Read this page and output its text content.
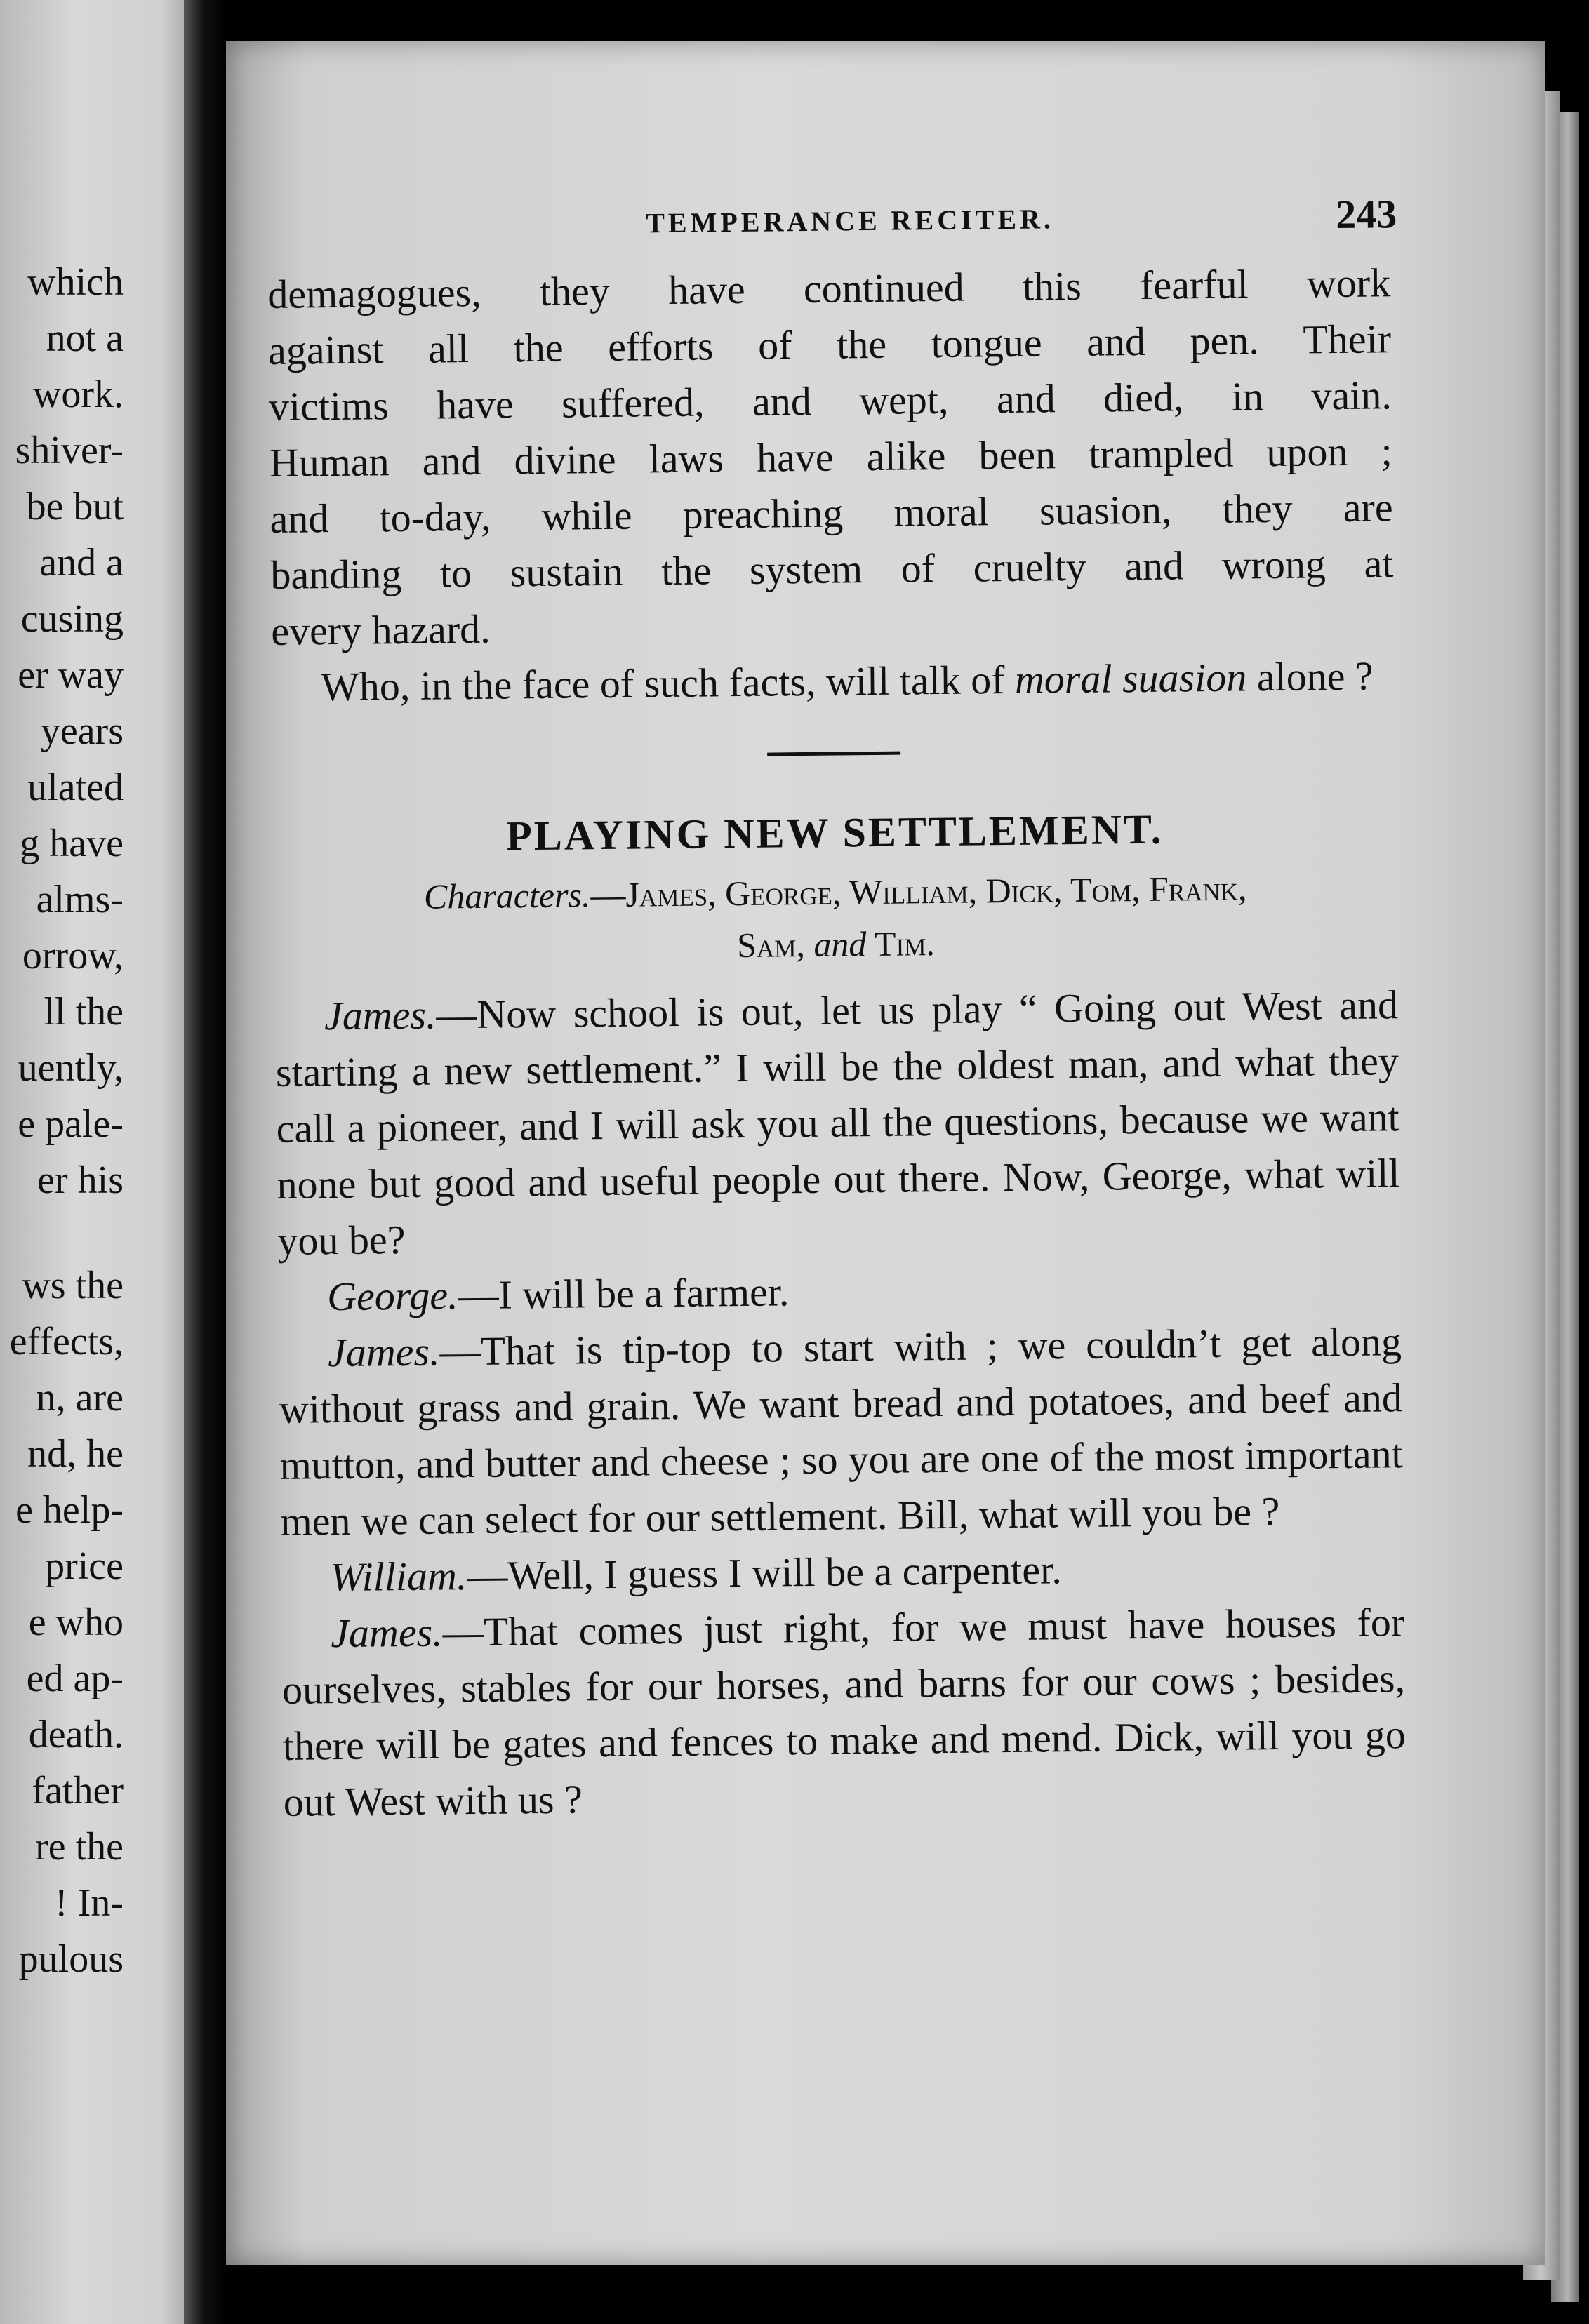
which
not a
work.
shiver-
be but
and a
cusing
er way
years
ulated
g have
alms-
orrow,
ll the
uently,
e pale-
er his
ws the
effects,
n, are
nd, he
e help-
price
e who
ed ap-
death.
father
re the
! In-
pulous
TEMPERANCE RECITER.	243

demagogues, they have continued this fearful work

against all the efforts of the tongue and pen. Their

victims have suffered, and wept, and died, in vain.

Human and divine laws have alike been trampled upon ;

and to-day, while preaching moral suasion, they are

banding to sustain the system of cruelty and wrong at

every hazard.

Who, in the face of such facts, will talk of moral suasion alone ?

PLAYING NEW SETTLEMENT.

Characters.—James, George, William, Dick, Tom, Frank,
Sam, and Tim.

James.—Now school is out, let us play “ Going out West and starting a new settlement.” I will be the oldest man, and what they call a pioneer, and I will ask you all the questions, because we want none but good and useful people out there. Now, George, what will you be?

George.—I will be a farmer.

James.—That is tip-top to start with ; we couldn’t get along without grass and grain. We want bread and potatoes, and beef and mutton, and butter and cheese ; so you are one of the most important men we can select for our settlement. Bill, what will you be ?

William.—Well, I guess I will be a carpenter.

James.—That comes just right, for we must have houses for ourselves, stables for our horses, and barns for our cows ; besides, there will be gates and fences to make and mend. Dick, will you go out West with us ?
